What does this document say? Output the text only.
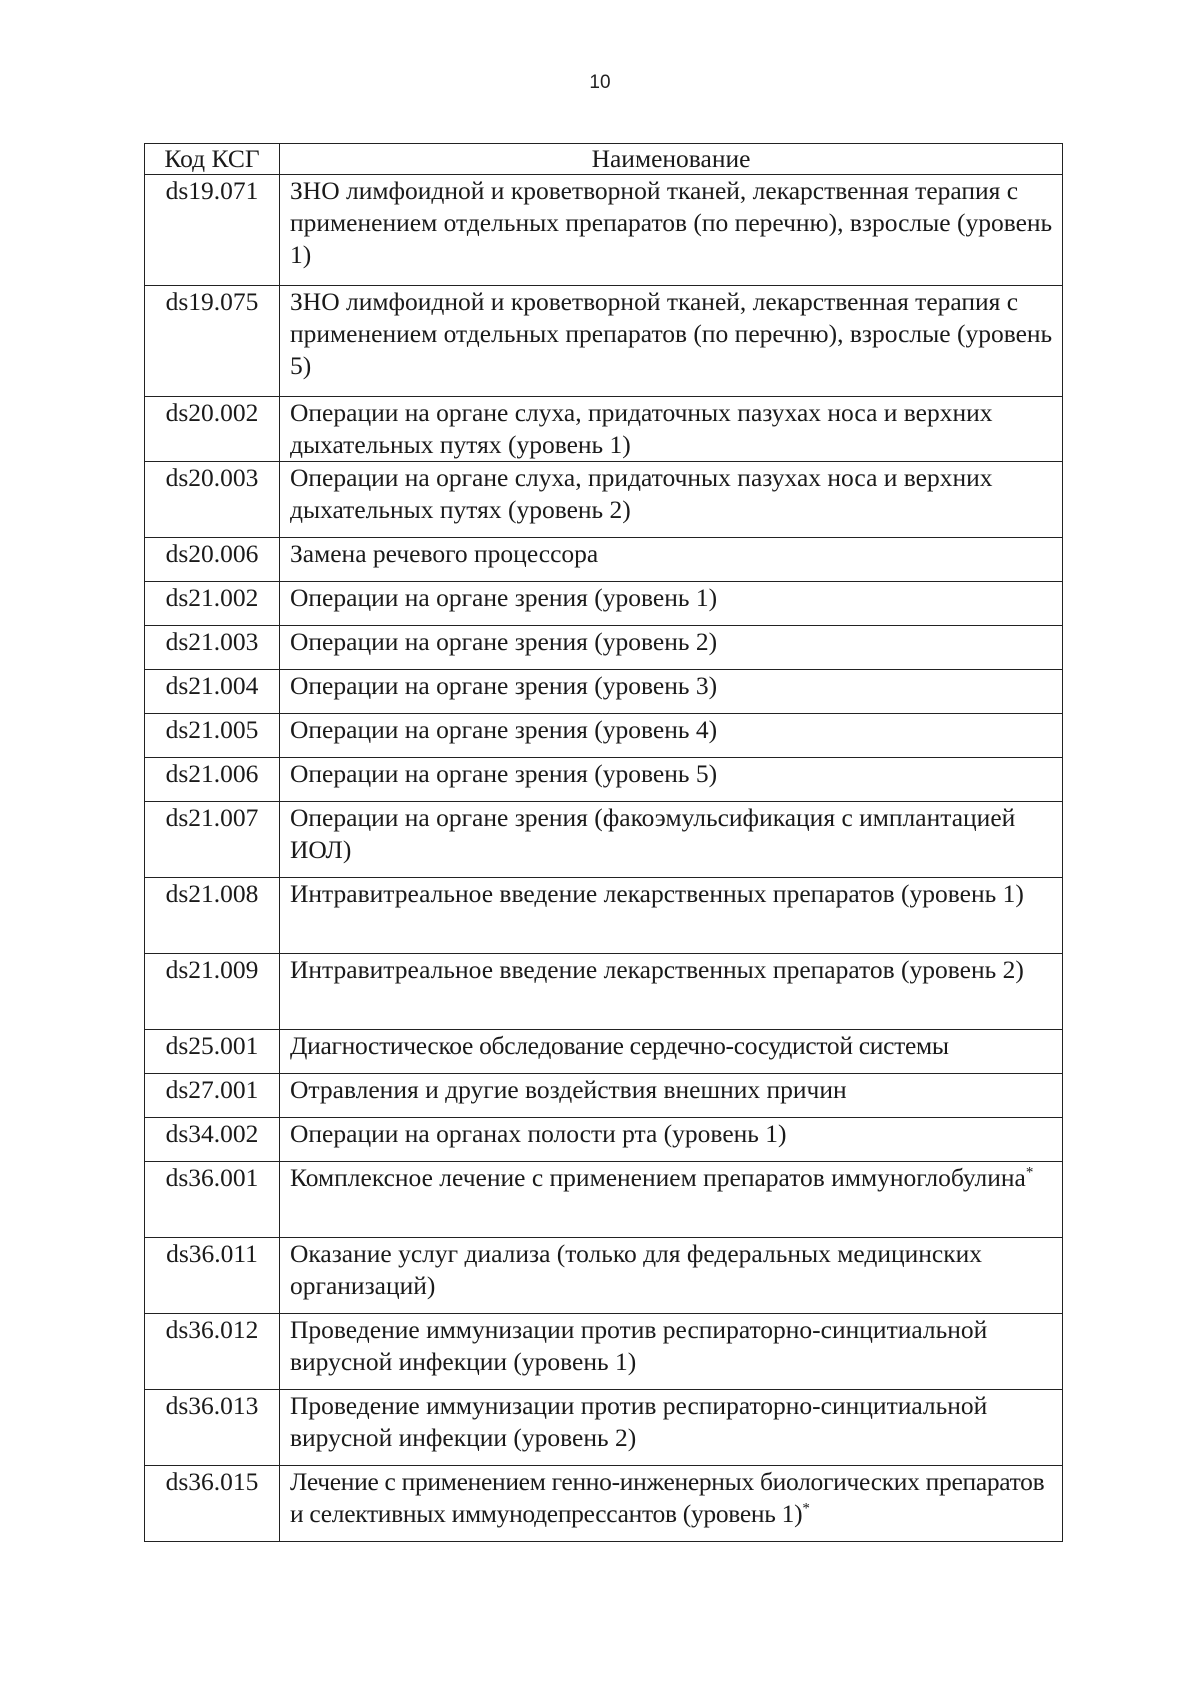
10
Код КСГ	Наименование
ds19.071	ЗНО лимфоидной и кроветворной тканей, лекарственная терапия с применением отдельных препаратов (по перечню), взрослые (уровень 1)
ds19.075	ЗНО лимфоидной и кроветворной тканей, лекарственная терапия с применением отдельных препаратов (по перечню), взрослые (уровень 5)
ds20.002	Операции на органе слуха, придаточных пазухах носа и верхних дыхательных путях (уровень 1)
ds20.003	Операции на органе слуха, придаточных пазухах носа и верхних дыхательных путях (уровень 2)
ds20.006	Замена речевого процессора
ds21.002	Операции на органе зрения (уровень 1)
ds21.003	Операции на органе зрения (уровень 2)
ds21.004	Операции на органе зрения (уровень 3)
ds21.005	Операции на органе зрения (уровень 4)
ds21.006	Операции на органе зрения (уровень 5)
ds21.007	Операции на органе зрения (факоэмульсификация с имплантацией ИОЛ)
ds21.008	Интравитреальное введение лекарственных препаратов (уровень 1)
ds21.009	Интравитреальное введение лекарственных препаратов (уровень 2)
ds25.001	Диагностическое обследование сердечно-сосудистой системы
ds27.001	Отравления и другие воздействия внешних причин
ds34.002	Операции на органах полости рта (уровень 1)
ds36.001	Комплексное лечение с применением препаратов иммуноглобулина*
ds36.011	Оказание услуг диализа (только для федеральных медицинских организаций)
ds36.012	Проведение иммунизации против респираторно-синцитиальной вирусной инфекции (уровень 1)
ds36.013	Проведение иммунизации против респираторно-синцитиальной вирусной инфекции (уровень 2)
ds36.015	Лечение с применением генно-инженерных биологических препаратов и селективных иммунодепрессантов (уровень 1)*
